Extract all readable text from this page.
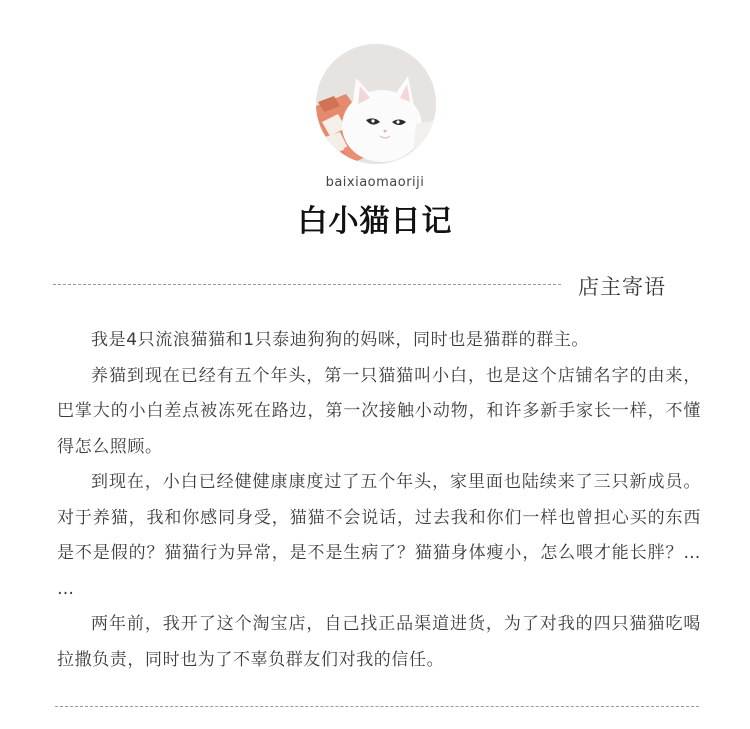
baixiaomaoriji
白小猫日记
店主寄语

我是4只流浪猫猫和1只泰迪狗狗的妈咪，同时也是猫群的群主。

养猫到现在已经有五个年头，第一只猫猫叫小白，也是这个店铺名字的由来，巴掌大的小白差点被冻死在路边，第一次接触小动物，和许多新手家长一样，不懂得怎么照顾。

到现在，小白已经健健康康度过了五个年头，家里面也陆续来了三只新成员。对于养猫，我和你感同身受，猫猫不会说话，过去我和你们一样也曾担心买的东西是不是假的？猫猫行为异常，是不是生病了？猫猫身体瘦小，怎么喂才能长胖？… …

两年前，我开了这个淘宝店，自己找正品渠道进货，为了对我的四只猫猫吃喝拉撒负责，同时也为了不辜负群友们对我的信任。
